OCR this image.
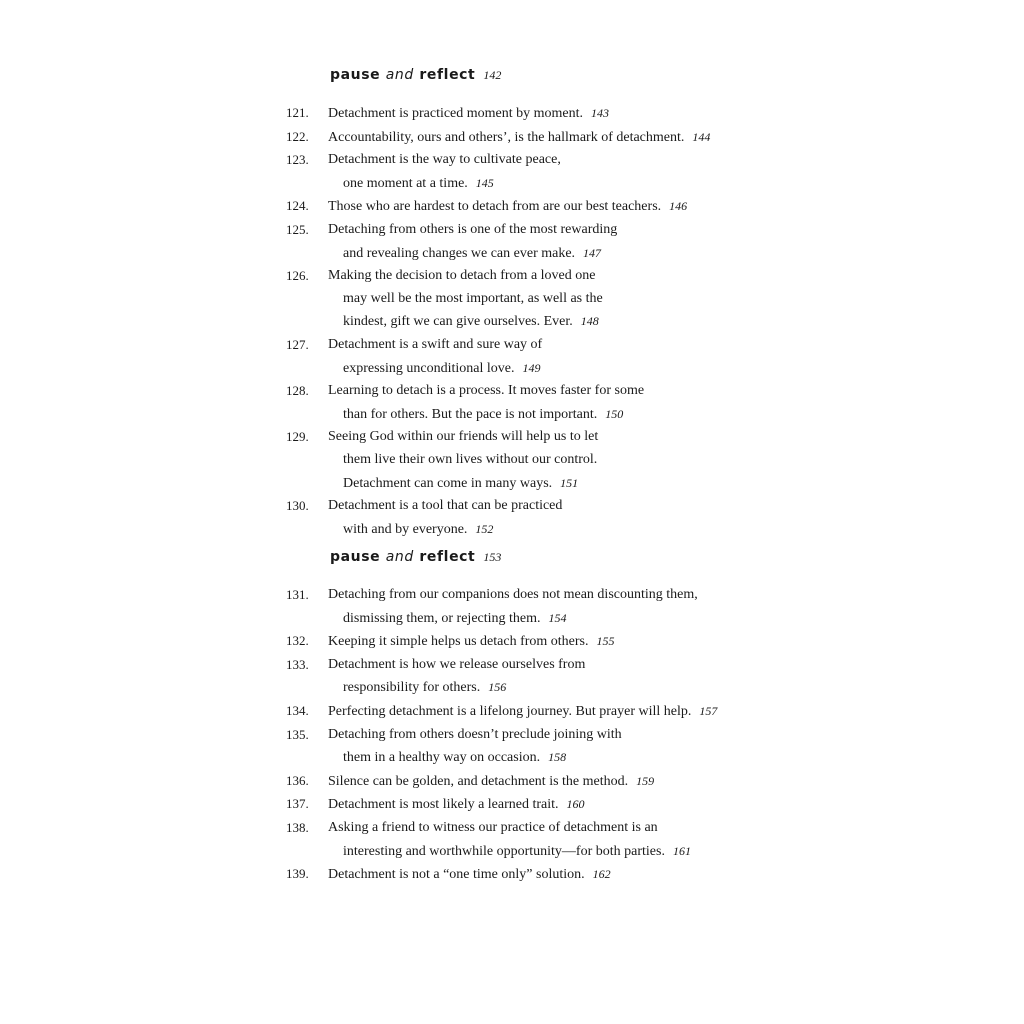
pause and reflect 142
121. Detachment is practiced moment by moment. 143
122. Accountability, ours and others’, is the hallmark of detachment. 144
123. Detachment is the way to cultivate peace,
one moment at a time. 145
124. Those who are hardest to detach from are our best teachers. 146
125. Detaching from others is one of the most rewarding
and revealing changes we can ever make. 147
126. Making the decision to detach from a loved one
may well be the most important, as well as the
kindest, gift we can give ourselves. Ever. 148
127. Detachment is a swift and sure way of
expressing unconditional love. 149
128. Learning to detach is a process. It moves faster for some
than for others. But the pace is not important. 150
129. Seeing God within our friends will help us to let
them live their own lives without our control.
Detachment can come in many ways. 151
130. Detachment is a tool that can be practiced
with and by everyone. 152
pause and reflect 153
131. Detaching from our companions does not mean discounting them,
dismissing them, or rejecting them. 154
132. Keeping it simple helps us detach from others. 155
133. Detachment is how we release ourselves from
responsibility for others. 156
134. Perfecting detachment is a lifelong journey. But prayer will help. 157
135. Detaching from others doesn’t preclude joining with
them in a healthy way on occasion. 158
136. Silence can be golden, and detachment is the method. 159
137. Detachment is most likely a learned trait. 160
138. Asking a friend to witness our practice of detachment is an
interesting and worthwhile opportunity—for both parties. 161
139. Detachment is not a “one time only” solution. 162
